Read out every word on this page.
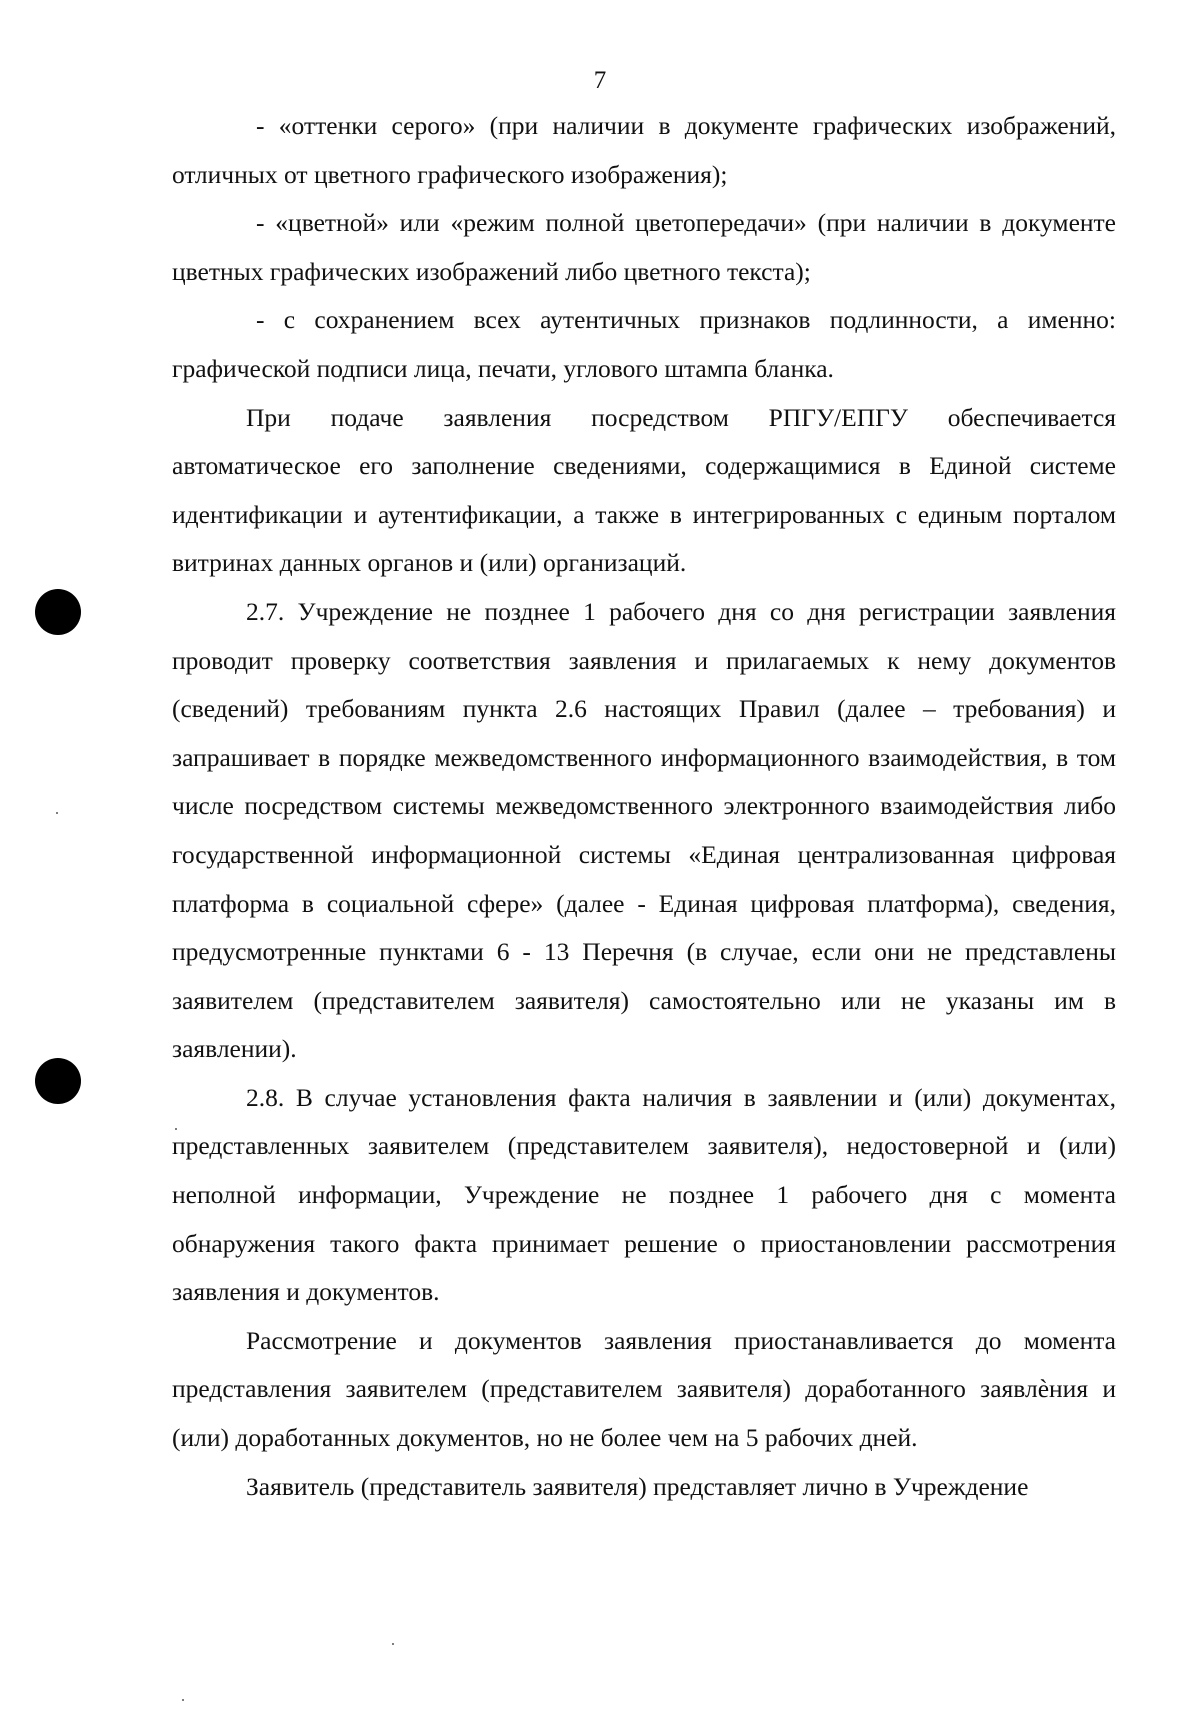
7

- «оттенки серого» (при наличии в документе графических изображений, отличных от цветного графического изображения);

- «цветной» или «режим полной цветопередачи» (при наличии в документе цветных графических изображений либо цветного текста);

- с сохранением всех аутентичных признаков подлинности, а именно: графической подписи лица, печати, углового штампа бланка.

При подаче заявления посредством РПГУ/ЕПГУ обеспечивается автоматическое его заполнение сведениями, содержащимися в Единой системе идентификации и аутентификации, а также в интегрированных с единым порталом витринах данных органов и (или) организаций.

2.7. Учреждение не позднее 1 рабочего дня со дня регистрации заявления проводит проверку соответствия заявления и прилагаемых к нему документов (сведений) требованиям пункта 2.6 настоящих Правил (далее – требования) и запрашивает в порядке межведомственного информационного взаимодействия, в том числе посредством системы межведомственного электронного взаимодействия либо государственной информационной системы «Единая централизованная цифровая платформа в социальной сфере» (далее - Единая цифровая платформа), сведения, предусмотренные пунктами 6 - 13 Перечня (в случае, если они не представлены заявителем (представителем заявителя) самостоятельно или не указаны им в заявлении).

2.8. В случае установления факта наличия в заявлении и (или) документах, представленных заявителем (представителем заявителя), недостоверной и (или) неполной информации, Учреждение не позднее 1 рабочего дня с момента обнаружения такого факта принимает решение о приостановлении рассмотрения заявления и документов.

Рассмотрение и документов заявления приостанавливается до момента представления заявителем (представителем заявителя) доработанного заявлѐния и (или) доработанных документов, но не более чем на 5 рабочих дней.

Заявитель (представитель заявителя) представляет лично в Учреждение
